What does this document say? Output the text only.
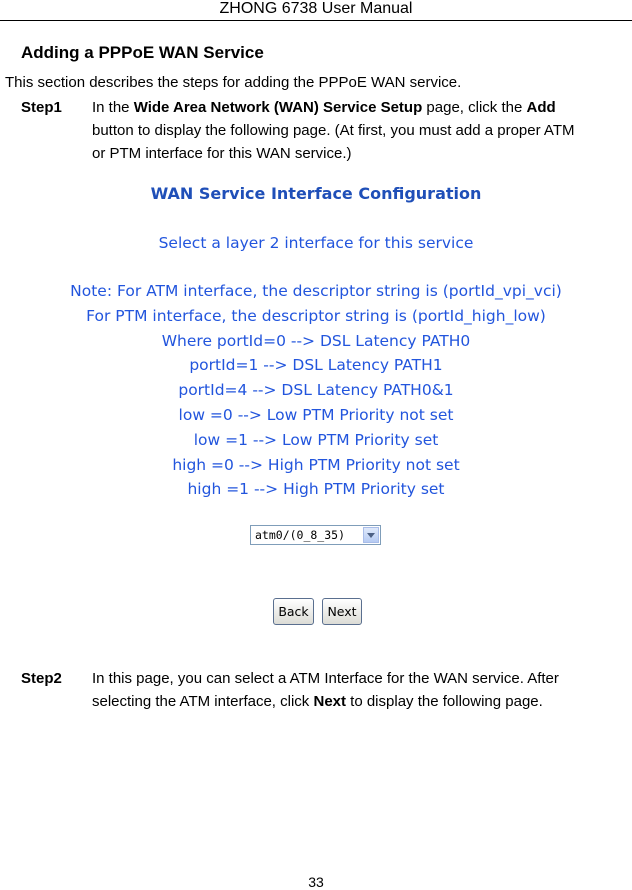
ZHONG 6738 User Manual
Adding a PPPoE WAN Service
This section describes the steps for adding the PPPoE WAN service.
Step1 In the Wide Area Network (WAN) Service Setup page, click the Add
button to display the following page. (At first, you must add a proper ATM
or PTM interface for this WAN service.)
WAN Service Interface Configuration
Select a layer 2 interface for this service
Note: For ATM interface, the descriptor string is (portId_vpi_vci)
For PTM interface, the descriptor string is (portId_high_low)
Where portId=0 --> DSL Latency PATH0
portId=1 --> DSL Latency PATH1
portId=4 --> DSL Latency PATH0&1
low =0 --> Low PTM Priority not set
low =1 --> Low PTM Priority set
high =0 --> High PTM Priority not set
high =1 --> High PTM Priority set
atm0/(0_8_35)
Back	Next
Step2 In this page, you can select a ATM Interface for the WAN service. After
selecting the ATM interface, click Next to display the following page.
33
